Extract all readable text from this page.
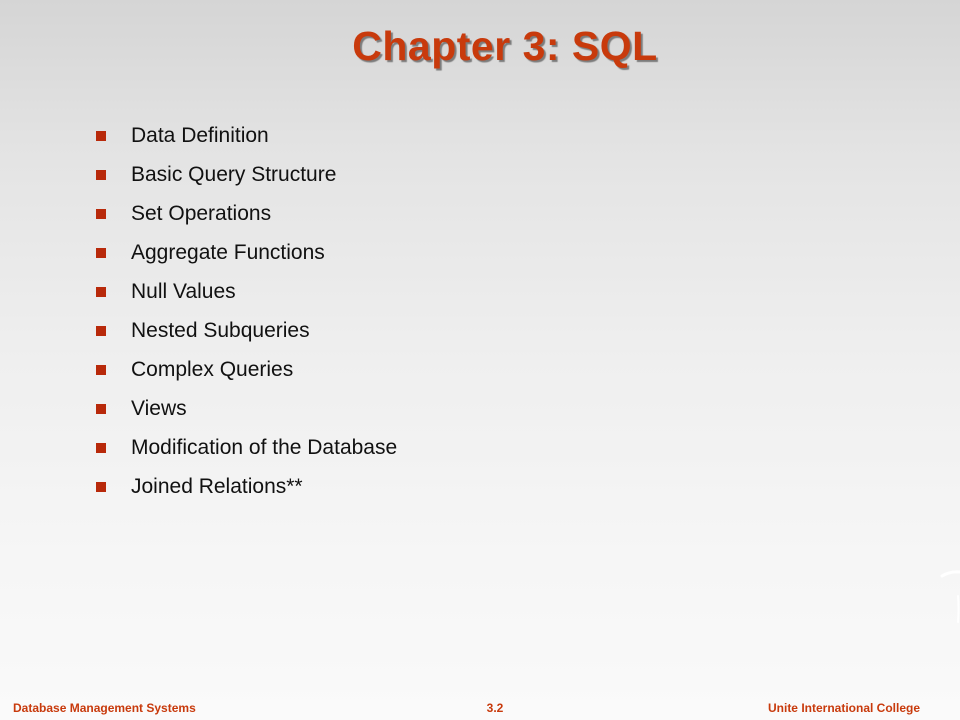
Chapter 3: SQL
Data Definition
Basic Query Structure
Set Operations
Aggregate Functions
Null Values
Nested Subqueries
Complex Queries
Views
Modification of the Database
Joined Relations**
Database Management Systems	3.2	Unite International College
